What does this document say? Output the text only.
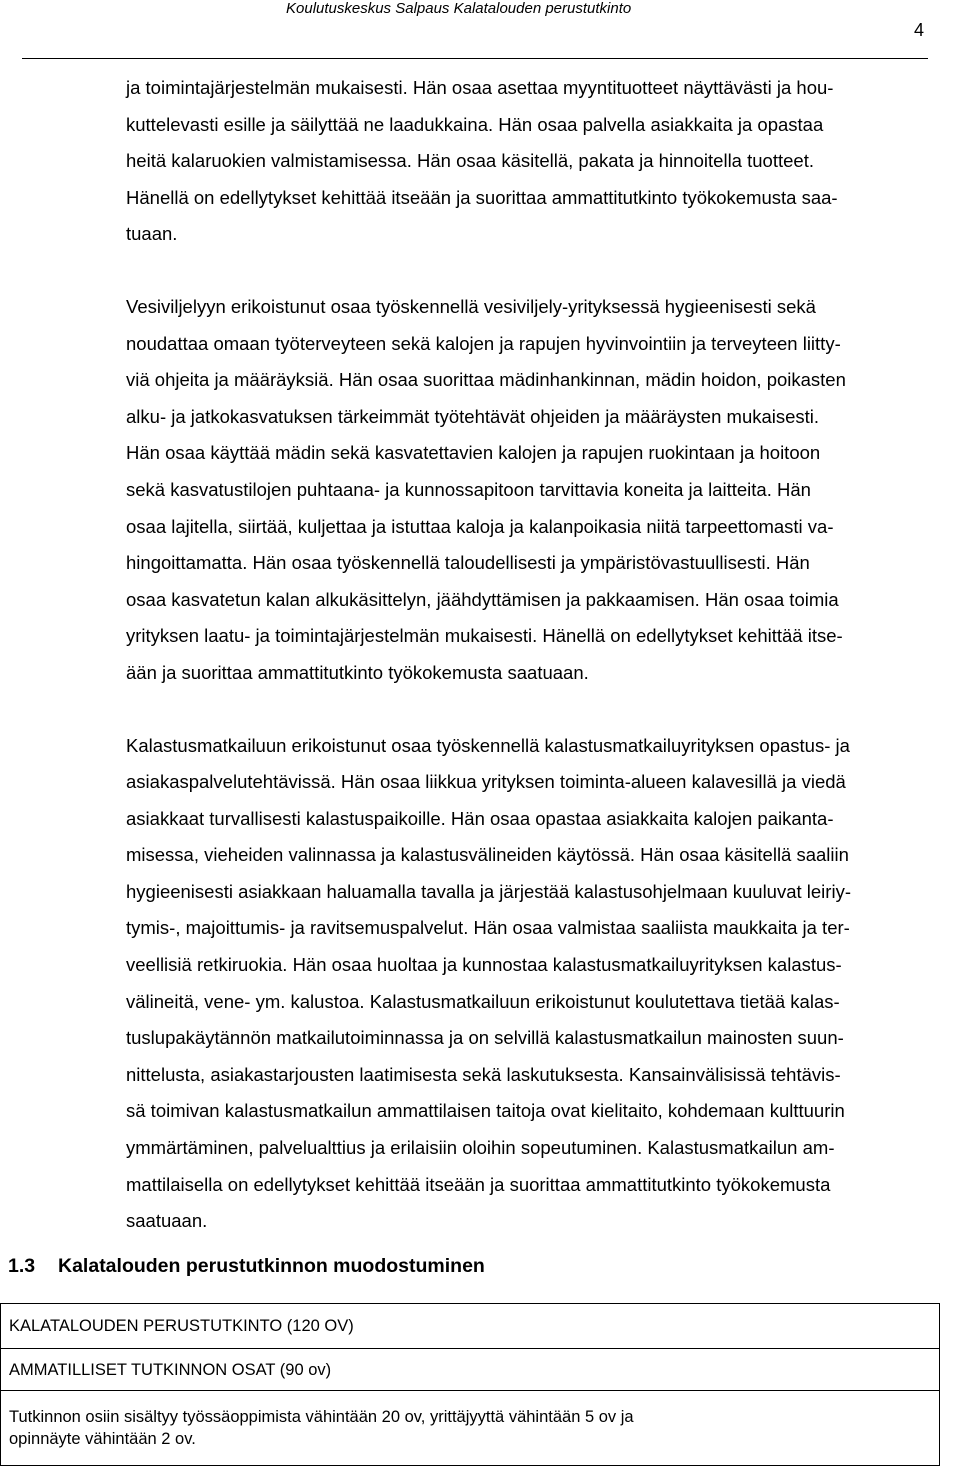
Koulutuskeskus Salpaus Kalatalouden perustutkinto
4

ja toimintajärjestelmän mukaisesti. Hän osaa asettaa myyntituotteet näyttävästi ja hou-
kuttelevasti esille ja säilyttää ne laadukkaina. Hän osaa palvella asiakkaita ja opastaa
heitä kalaruokien valmistamisessa. Hän osaa käsitellä, pakata ja hinnoitella tuotteet.
Hänellä on edellytykset kehittää itseään ja suorittaa ammattitutkinto työkokemusta saa-
tuaan.

Vesiviljelyyn erikoistunut osaa työskennellä vesiviljely-yrityksessä hygieenisesti sekä
noudattaa omaan työterveyteen sekä kalojen ja rapujen hyvinvointiin ja terveyteen liitty-
viä ohjeita ja määräyksiä. Hän osaa suorittaa mädinhankinnan, mädin hoidon, poikasten
alku- ja jatkokasvatuksen tärkeimmät työtehtävät ohjeiden ja määräysten mukaisesti.
Hän osaa käyttää mädin sekä kasvatettavien kalojen ja rapujen ruokintaan ja hoitoon
sekä kasvatustilojen puhtaana- ja kunnossapitoon tarvittavia koneita ja laitteita. Hän
osaa lajitella, siirtää, kuljettaa ja istuttaa kaloja ja kalanpoikasia niitä tarpeettomasti va-
hingoittamatta. Hän osaa työskennellä taloudellisesti ja ympäristövastuullisesti. Hän
osaa kasvatetun kalan alkukäsittelyn, jäähdyttämisen ja pakkaamisen. Hän osaa toimia
yrityksen laatu- ja toimintajärjestelmän mukaisesti. Hänellä on edellytykset kehittää itse-
ään ja suorittaa ammattitutkinto työkokemusta saatuaan.

Kalastusmatkailuun erikoistunut osaa työskennellä kalastusmatkailuyrityksen opastus- ja
asiakaspalvelutehtävissä. Hän osaa liikkua yrityksen toiminta-alueen kalavesillä ja viedä
asiakkaat turvallisesti kalastuspaikoille. Hän osaa opastaa asiakkaita kalojen paikanta-
misessa, vieheiden valinnassa ja kalastusvälineiden käytössä. Hän osaa käsitellä saaliin
hygieenisesti asiakkaan haluamalla tavalla ja järjestää kalastusohjelmaan kuuluvat leiriy-
tymis-, majoittumis- ja ravitsemuspalvelut. Hän osaa valmistaa saaliista maukkaita ja ter-
veellisiä retkiruokia. Hän osaa huoltaa ja kunnostaa kalastusmatkailuyrityksen kalastus-
välineitä, vene- ym. kalustoa. Kalastusmatkailuun erikoistunut koulutettava tietää kalas-
tuslupakäytännön matkailutoiminnassa ja on selvillä kalastusmatkailun mainosten suun-
nittelusta, asiakastarjousten laatimisesta sekä laskutuksesta. Kansainvälisissä tehtävis-
sä toimivan kalastusmatkailun ammattilaisen taitoja ovat kielitaito, kohdemaan kulttuurin
ymmärtäminen, palvelualttius ja erilaisiin oloihin sopeutuminen. Kalastusmatkailun am-
mattilaisella on edellytykset kehittää itseään ja suorittaa ammattitutkinto työkokemusta
saatuaan.

1.3 Kalatalouden perustutkinnon muodostuminen
KALATALOUDEN PERUSTUTKINTO (120 OV)
AMMATILLISET TUTKINNON OSAT (90 ov)

Tutkinnon osiin sisältyy työssäoppimista vähintään 20 ov, yrittäjyyttä vähintään 5 ov ja
opinnäyte vähintään 2 ov.
